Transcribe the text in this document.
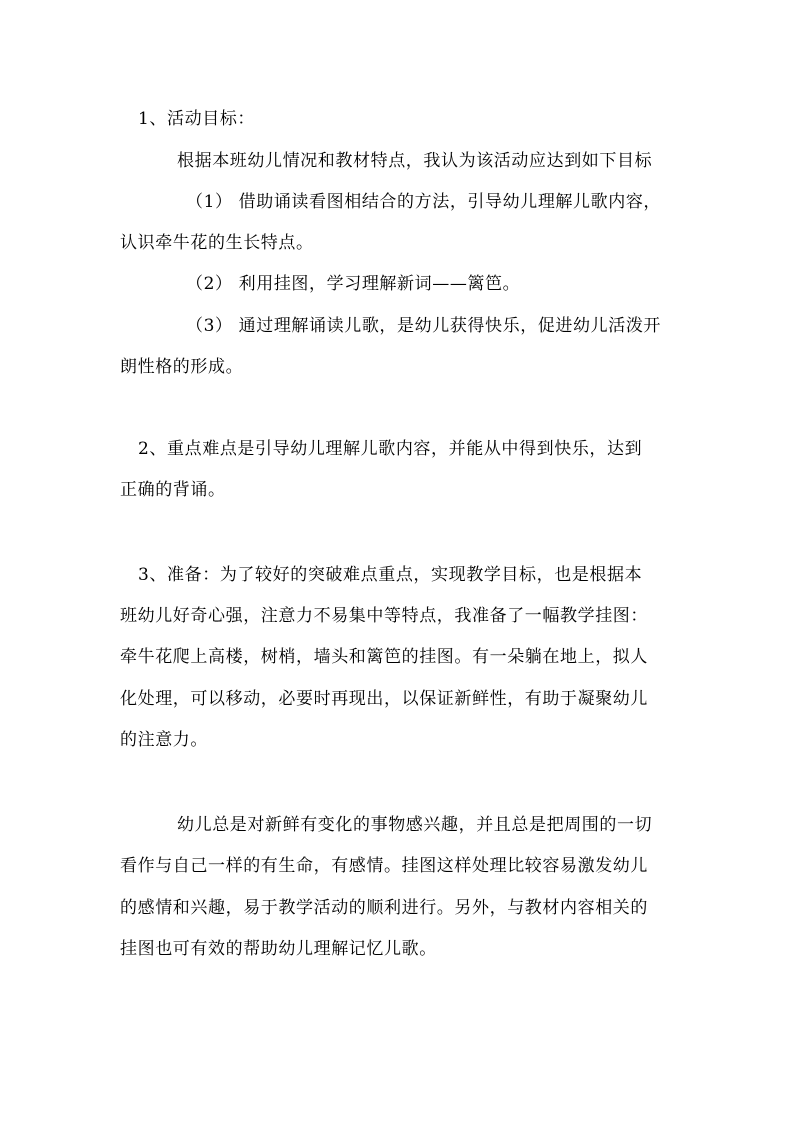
1、活动目标：
根据本班幼儿情况和教材特点，我认为该活动应达到如下目标
（1） 借助诵读看图相结合的方法，引导幼儿理解儿歌内容，
认识牵牛花的生长特点。
（2） 利用挂图，学习理解新词——篱笆。
（3） 通过理解诵读儿歌，是幼儿获得快乐，促进幼儿活泼开
朗性格的形成。
2、重点难点是引导幼儿理解儿歌内容，并能从中得到快乐，达到
正确的背诵。
3、准备：为了较好的突破难点重点，实现教学目标，也是根据本
班幼儿好奇心强，注意力不易集中等特点，我准备了一幅教学挂图：
牵牛花爬上高楼，树梢，墙头和篱笆的挂图。有一朵躺在地上，拟人
化处理，可以移动，必要时再现出，以保证新鲜性，有助于凝聚幼儿
的注意力。
幼儿总是对新鲜有变化的事物感兴趣，并且总是把周围的一切
看作与自己一样的有生命，有感情。挂图这样处理比较容易激发幼儿
的感情和兴趣，易于教学活动的顺利进行。另外，与教材内容相关的
挂图也可有效的帮助幼儿理解记忆儿歌。
